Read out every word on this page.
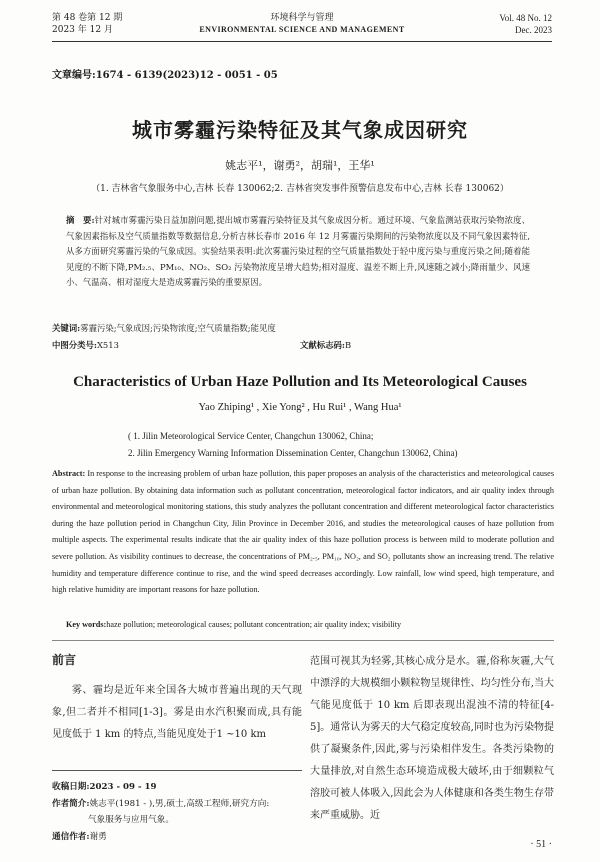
第 48 卷第 12 期
2023 年 12 月
环境科学与管理
ENVIRONMENTAL SCIENCE AND MANAGEMENT
Vol. 48 No. 12
Dec. 2023
文章编号:1674 - 6139(2023)12 - 0051 - 05
城市雾霾污染特征及其气象成因研究
姚志平¹，谢勇²，胡瑞¹，王华¹
（1. 吉林省气象服务中心,吉林 长春 130062;2. 吉林省突发事件预警信息发布中心,吉林 长春 130062）
摘　要:针对城市雾霾污染日益加剧问题,提出城市雾霾污染特征及其气象成因分析。通过环境、气象监测站获取污染物浓度、气象因素指标及空气质量指数等数据信息,分析吉林长春市 2016 年 12 月雾霾污染期间的污染物浓度以及不同气象因素特征,从多方面研究雾霾污染的气象成因。实验结果表明:此次雾霾污染过程的空气质量指数处于轻中度污染与重度污染之间;随着能见度的不断下降,PM₂.₅、PM₁₀、NO₂、SO₂ 污染物浓度呈增大趋势;相对湿度、温差不断上升,风速随之减小;降雨量少、风速小、气温高、相对湿度大是造成雾霾污染的重要原因。
关键词:雾霾污染;气象成因;污染物浓度;空气质量指数;能见度
中图分类号:X513	文献标志码:B
Characteristics of Urban Haze Pollution and Its Meteorological Causes
Yao Zhiping¹ , Xie Yong² , Hu Rui¹ , Wang Hua¹
( 1. Jilin Meteorological Service Center, Changchun 130062, China;
2. Jilin Emergency Warning Information Dissemination Center, Changchun 130062, China)
Abstract: In response to the increasing problem of urban haze pollution, this paper proposes an analysis of the characteristics and meteorological causes of urban haze pollution. By obtaining data information such as pollutant concentration, meteorological factor indicators, and air quality index through environmental and meteorological monitoring stations, this study analyzes the pollutant concentration and different meteorological factor characteristics during the haze pollution period in Changchun City, Jilin Province in December 2016, and studies the meteorological causes of haze pollution from multiple aspects. The experimental results indicate that the air quality index of this haze pollution process is between mild to moderate pollution and severe pollution. As visibility continues to decrease, the concentrations of PM₂.₅, PM₁₀, NO₂, and SO₂ pollutants show an increasing trend. The relative humidity and temperature difference continue to rise, and the wind speed decreases accordingly. Low rainfall, low wind speed, high temperature, and high relative humidity are important reasons for haze pollution.
Key words:haze pollution; meteorological causes; pollutant concentration; air quality index; visibility
前言

雾、霾均是近年来全国各大城市普遍出现的天气现象,但二者并不相同[1-3]。雾是由水汽积聚而成,具有能见度低于 1 km 的特点,当能见度处于1 ~10 km

收稿日期:2023 - 09 - 19
作者简介:姚志平(1981 - ),男,硕士,高级工程师,研究方向:
气象服务与应用气象。
通信作者:谢勇

范围可视其为轻雾,其核心成分是水。霾,俗称灰霾,大气中漂浮的大规模细小颗粒物呈规律性、均匀性分布,当大气能见度低于 10 km 后即表现出混浊不清的特征[4-5]。通常认为雾天的大气稳定度较高,同时也为污染物提供了凝聚条件,因此,雾与污染相伴发生。各类污染物的大量排放,对自然生态环境造成极大破坏,由于细颗粒气溶胶可被人体吸入,因此会为人体健康和各类生物生存带来严重威胁。近

· 51 ·
